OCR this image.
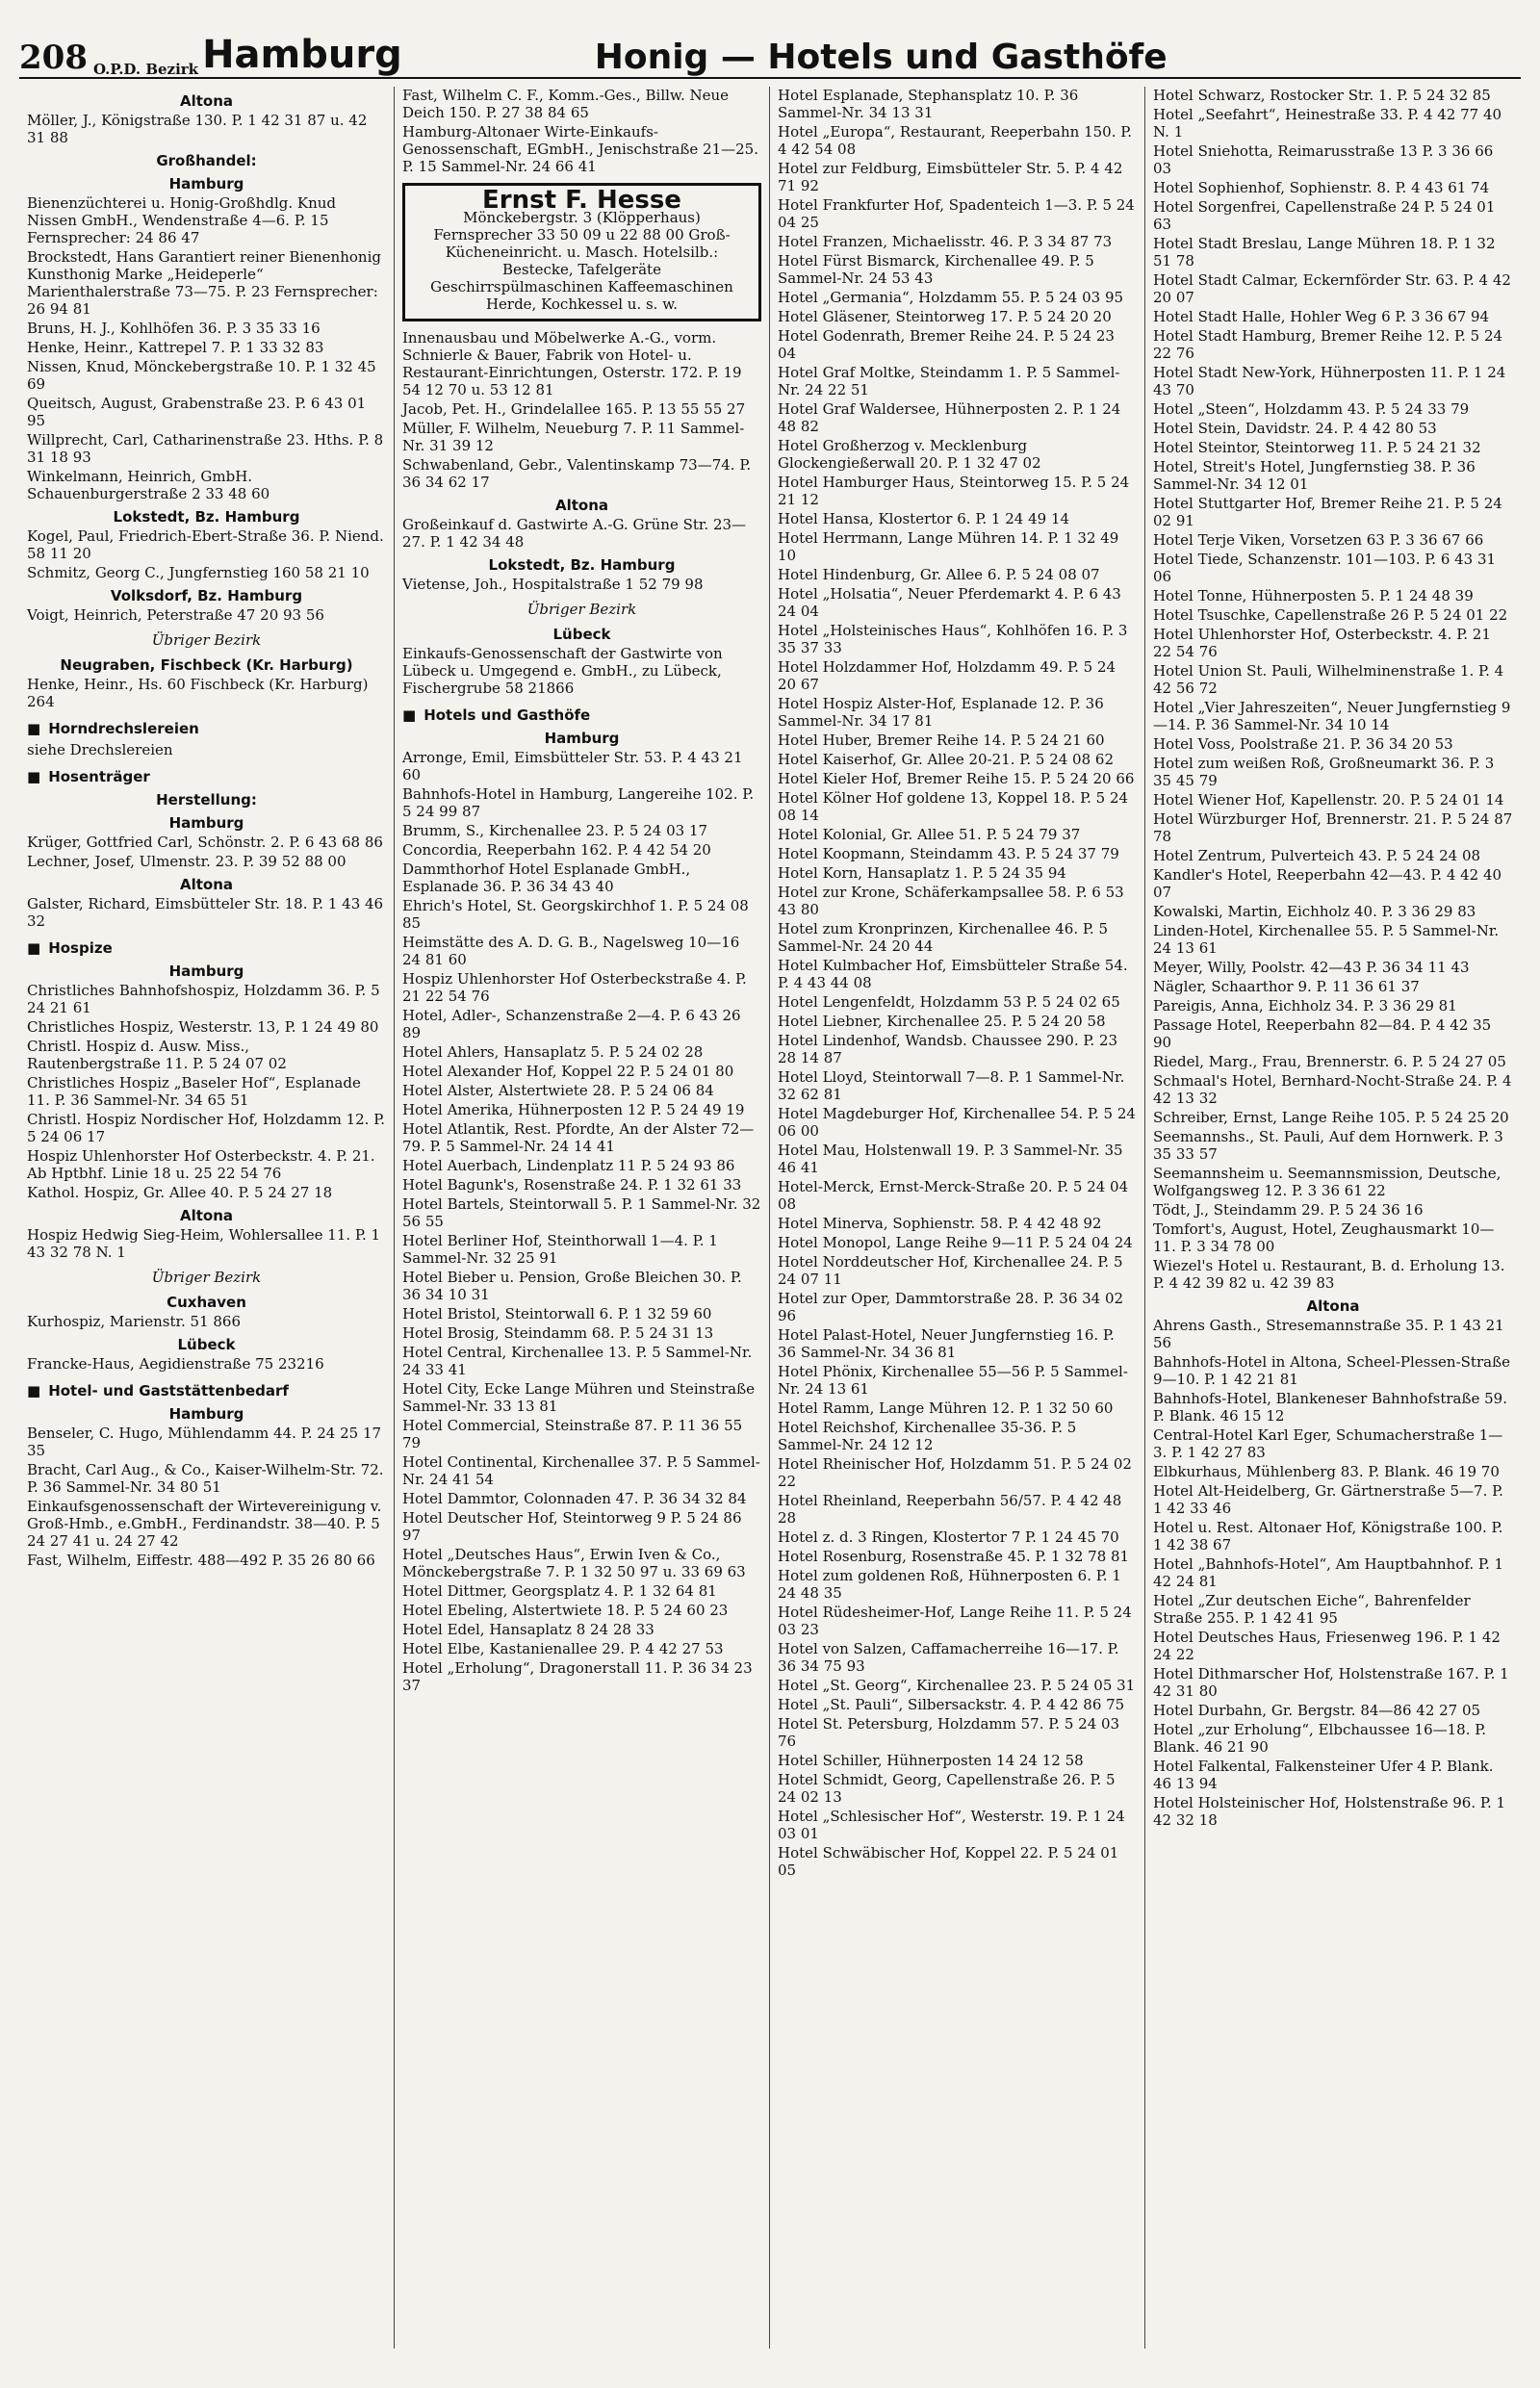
208 O.P.D. Bezirk Hamburg	Honig — Hotels und Gasthöfe
Altona
Möller, J., Königstraße 130. P. 1 42 31 87 u. 42 31 88
Großhandel:
Hamburg
Bienenzüchterei u. Honig-Großhdlg. Knud Nissen GmbH., Wendenstraße 4—6. P. 15 Fernsprecher: 24 86 47
Brockstedt, Hans Garantiert reiner Bienenhonig Kunsthonig Marke „Heideperle“ Marienthalerstraße 73—75. P. 23 Fernsprecher: 26 94 81
Bruns, H. J., Kohlhöfen 36. P. 3 35 33 16
Henke, Heinr., Kattrepel 7. P. 1 33 32 83
Nissen, Knud, Mönckebergstraße 10. P. 1 32 45 69
Queitsch, August, Grabenstraße 23. P. 6 43 01 95
Willprecht, Carl, Catharinenstraße 23. Hths. P. 8 31 18 93
Winkelmann, Heinrich, GmbH. Schauenburgerstraße 2 33 48 60
Lokstedt, Bz. Hamburg
Kogel, Paul, Friedrich-Ebert-Straße 36. P. Niend. 58 11 20
Schmitz, Georg C., Jungfernstieg 160 58 21 10
Volksdorf, Bz. Hamburg
Voigt, Heinrich, Peterstraße 47 20 93 56
Übriger Bezirk
Neugraben, Fischbeck (Kr. Harburg)
Henke, Heinr., Hs. 60 Fischbeck (Kr. Harburg) 264
■ Horndrechslereien
siehe Drechslereien
■ Hosenträger
Herstellung:
Hamburg
Krüger, Gottfried Carl, Schönstr. 2. P. 6 43 68 86
Lechner, Josef, Ulmenstr. 23. P. 39 52 88 00
Altona
Galster, Richard, Eimsbütteler Str. 18. P. 1 43 46 32
■ Hospize
Hamburg
Christliches Bahnhofshospiz, Holzdamm 36. P. 5 24 21 61
Christliches Hospiz, Westerstr. 13, P. 1 24 49 80
Christl. Hospiz d. Ausw. Miss., Rautenbergstraße 11. P. 5 24 07 02
Christliches Hospiz „Baseler Hof“, Esplanade 11. P. 36 Sammel-Nr. 34 65 51
Christl. Hospiz Nordischer Hof, Holzdamm 12. P. 5 24 06 17
Hospiz Uhlenhorster Hof Osterbeckstr. 4. P. 21. Ab Hptbhf. Linie 18 u. 25 22 54 76
Kathol. Hospiz, Gr. Allee 40. P. 5 24 27 18
Altona
Hospiz Hedwig Sieg-Heim, Wohlersallee 11. P. 1 43 32 78 N. 1
Übriger Bezirk
Cuxhaven
Kurhospiz, Marienstr. 51 866
Lübeck
Francke-Haus, Aegidienstraße 75 23216
■ Hotel- und Gaststättenbedarf
Hamburg
Benseler, C. Hugo, Mühlendamm 44. P. 24 25 17 35
Bracht, Carl Aug., & Co., Kaiser-Wilhelm-Str. 72. P. 36 Sammel-Nr. 34 80 51
Einkaufsgenossenschaft der Wirtevereinigung v. Groß-Hmb., e.GmbH., Ferdinandstr. 38—40. P. 5 24 27 41 u. 24 27 42
Fast, Wilhelm, Eiffestr. 488—492 P. 35 26 80 66
Fast, Wilhelm C. F., Komm.-Ges., Billw. Neue Deich 150. P. 27 38 84 65
Hamburg-Altonaer Wirte-Einkaufs-Genossenschaft, EGmbH., Jenischstraße 21—25. P. 15 Sammel-Nr. 24 66 41
Ernst F. Hesse
Mönckebergstr. 3 (Klöpperhaus) Fernsprecher 33 50 09 u 22 88 00 Groß-Kücheneinricht. u. Masch. Hotelsilb.: Bestecke, Tafelgeräte Geschirrspülmaschinen Kaffeemaschinen Herde, Kochkessel u. s. w.
Innenausbau und Möbelwerke A.-G., vorm. Schnierle & Bauer, Fabrik von Hotel- u. Restaurant-Einrichtungen, Osterstr. 172. P. 19 54 12 70 u. 53 12 81
Jacob, Pet. H., Grindelallee 165. P. 13 55 55 27
Müller, F. Wilhelm, Neueburg 7. P. 11 Sammel-Nr. 31 39 12
Schwabenland, Gebr., Valentinskamp 73—74. P. 36 34 62 17
Altona
Großeinkauf d. Gastwirte A.-G. Grüne Str. 23—27. P. 1 42 34 48
Lokstedt, Bz. Hamburg
Vietense, Joh., Hospitalstraße 1 52 79 98
Übriger Bezirk
Lübeck
Einkaufs-Genossenschaft der Gastwirte von Lübeck u. Umgegend e. GmbH., zu Lübeck, Fischergrube 58 21866
■ Hotels und Gasthöfe
Hamburg
Arronge, Emil, Eimsbütteler Str. 53. P. 4 43 21 60
Bahnhofs-Hotel in Hamburg, Langereihe 102. P. 5 24 99 87
Brumm, S., Kirchenallee 23. P. 5 24 03 17
Concordia, Reeperbahn 162. P. 4 42 54 20
Dammthorhof Hotel Esplanade GmbH., Esplanade 36. P. 36 34 43 40
Ehrich's Hotel, St. Georgskirchhof 1. P. 5 24 08 85
Heimstätte des A. D. G. B., Nagelsweg 10—16 24 81 60
Hospiz Uhlenhorster Hof Osterbeckstraße 4. P. 21 22 54 76
Hotel, Adler-, Schanzenstraße 2—4. P. 6 43 26 89
Hotel Ahlers, Hansaplatz 5. P. 5 24 02 28
Hotel Alexander Hof, Koppel 22 P. 5 24 01 80
Hotel Alster, Alstertwiete 28. P. 5 24 06 84
Hotel Amerika, Hühnerposten 12 P. 5 24 49 19
Hotel Atlantik, Rest. Pfordte, An der Alster 72—79. P. 5 Sammel-Nr. 24 14 41
Hotel Auerbach, Lindenplatz 11 P. 5 24 93 86
Hotel Bagunk's, Rosenstraße 24. P. 1 32 61 33
Hotel Bartels, Steintorwall 5. P. 1 Sammel-Nr. 32 56 55
Hotel Berliner Hof, Steinthorwall 1—4. P. 1 Sammel-Nr. 32 25 91
Hotel Bieber u. Pension, Große Bleichen 30. P. 36 34 10 31
Hotel Bristol, Steintorwall 6. P. 1 32 59 60
Hotel Brosig, Steindamm 68. P. 5 24 31 13
Hotel Central, Kirchenallee 13. P. 5 Sammel-Nr. 24 33 41
Hotel City, Ecke Lange Mühren und Steinstraße Sammel-Nr. 33 13 81
Hotel Commercial, Steinstraße 87. P. 11 36 55 79
Hotel Continental, Kirchenallee 37. P. 5 Sammel-Nr. 24 41 54
Hotel Dammtor, Colonnaden 47. P. 36 34 32 84
Hotel Deutscher Hof, Steintorweg 9 P. 5 24 86 97
Hotel „Deutsches Haus“, Erwin Iven & Co., Mönckebergstraße 7. P. 1 32 50 97 u. 33 69 63
Hotel Dittmer, Georgsplatz 4. P. 1 32 64 81
Hotel Ebeling, Alstertwiete 18. P. 5 24 60 23
Hotel Edel, Hansaplatz 8 24 28 33
Hotel Elbe, Kastanienallee 29. P. 4 42 27 53
Hotel „Erholung“, Dragonerstall 11. P. 36 34 23 37
Hotel Esplanade, Stephansplatz 10. P. 36 Sammel-Nr. 34 13 31
Hotel „Europa“, Restaurant, Reeperbahn 150. P. 4 42 54 08
Hotel zur Feldburg, Eimsbütteler Str. 5. P. 4 42 71 92
Hotel Frankfurter Hof, Spadenteich 1—3. P. 5 24 04 25
Hotel Franzen, Michaelisstr. 46. P. 3 34 87 73
Hotel Fürst Bismarck, Kirchenallee 49. P. 5 Sammel-Nr. 24 53 43
Hotel „Germania“, Holzdamm 55. P. 5 24 03 95
Hotel Gläsener, Steintorweg 17. P. 5 24 20 20
Hotel Godenrath, Bremer Reihe 24. P. 5 24 23 04
Hotel Graf Moltke, Steindamm 1. P. 5 Sammel-Nr. 24 22 51
Hotel Graf Waldersee, Hühnerposten 2. P. 1 24 48 82
Hotel Großherzog v. Mecklenburg Glockengießerwall 20. P. 1 32 47 02
Hotel Hamburger Haus, Steintorweg 15. P. 5 24 21 12
Hotel Hansa, Klostertor 6. P. 1 24 49 14
Hotel Herrmann, Lange Mühren 14. P. 1 32 49 10
Hotel Hindenburg, Gr. Allee 6. P. 5 24 08 07
Hotel „Holsatia“, Neuer Pferdemarkt 4. P. 6 43 24 04
Hotel „Holsteinisches Haus“, Kohlhöfen 16. P. 3 35 37 33
Hotel Holzdammer Hof, Holzdamm 49. P. 5 24 20 67
Hotel Hospiz Alster-Hof, Esplanade 12. P. 36 Sammel-Nr. 34 17 81
Hotel Huber, Bremer Reihe 14. P. 5 24 21 60
Hotel Kaiserhof, Gr. Allee 20-21. P. 5 24 08 62
Hotel Kieler Hof, Bremer Reihe 15. P. 5 24 20 66
Hotel Kölner Hof goldene 13, Koppel 18. P. 5 24 08 14
Hotel Kolonial, Gr. Allee 51. P. 5 24 79 37
Hotel Koopmann, Steindamm 43. P. 5 24 37 79
Hotel Korn, Hansaplatz 1. P. 5 24 35 94
Hotel zur Krone, Schäferkampsallee 58. P. 6 53 43 80
Hotel zum Kronprinzen, Kirchenallee 46. P. 5 Sammel-Nr. 24 20 44
Hotel Kulmbacher Hof, Eimsbütteler Straße 54. P. 4 43 44 08
Hotel Lengenfeldt, Holzdamm 53 P. 5 24 02 65
Hotel Liebner, Kirchenallee 25. P. 5 24 20 58
Hotel Lindenhof, Wandsb. Chaussee 290. P. 23 28 14 87
Hotel Lloyd, Steintorwall 7—8. P. 1 Sammel-Nr. 32 62 81
Hotel Magdeburger Hof, Kirchenallee 54. P. 5 24 06 00
Hotel Mau, Holstenwall 19. P. 3 Sammel-Nr. 35 46 41
Hotel-Merck, Ernst-Merck-Straße 20. P. 5 24 04 08
Hotel Minerva, Sophienstr. 58. P. 4 42 48 92
Hotel Monopol, Lange Reihe 9—11 P. 5 24 04 24
Hotel Norddeutscher Hof, Kirchenallee 24. P. 5 24 07 11
Hotel zur Oper, Dammtorstraße 28. P. 36 34 02 96
Hotel Palast-Hotel, Neuer Jungfernstieg 16. P. 36 Sammel-Nr. 34 36 81
Hotel Phönix, Kirchenallee 55—56 P. 5 Sammel-Nr. 24 13 61
Hotel Ramm, Lange Mühren 12. P. 1 32 50 60
Hotel Reichshof, Kirchenallee 35-36. P. 5 Sammel-Nr. 24 12 12
Hotel Rheinischer Hof, Holzdamm 51. P. 5 24 02 22
Hotel Rheinland, Reeperbahn 56/57. P. 4 42 48 28
Hotel z. d. 3 Ringen, Klostertor 7 P. 1 24 45 70
Hotel Rosenburg, Rosenstraße 45. P. 1 32 78 81
Hotel zum goldenen Roß, Hühnerposten 6. P. 1 24 48 35
Hotel Rüdesheimer-Hof, Lange Reihe 11. P. 5 24 03 23
Hotel von Salzen, Caffamacherreihe 16—17. P. 36 34 75 93
Hotel „St. Georg“, Kirchenallee 23. P. 5 24 05 31
Hotel „St. Pauli“, Silbersackstr. 4. P. 4 42 86 75
Hotel St. Petersburg, Holzdamm 57. P. 5 24 03 76
Hotel Schiller, Hühnerposten 14 24 12 58
Hotel Schmidt, Georg, Capellenstraße 26. P. 5 24 02 13
Hotel „Schlesischer Hof“, Westerstr. 19. P. 1 24 03 01
Hotel Schwäbischer Hof, Koppel 22. P. 5 24 01 05
Hotel Schwarz, Rostocker Str. 1. P. 5 24 32 85
Hotel „Seefahrt“, Heinestraße 33. P. 4 42 77 40 N. 1
Hotel Sniehotta, Reimarusstraße 13 P. 3 36 66 03
Hotel Sophienhof, Sophienstr. 8. P. 4 43 61 74
Hotel Sorgenfrei, Capellenstraße 24 P. 5 24 01 63
Hotel Stadt Breslau, Lange Mühren 18. P. 1 32 51 78
Hotel Stadt Calmar, Eckernförder Str. 63. P. 4 42 20 07
Hotel Stadt Halle, Hohler Weg 6 P. 3 36 67 94
Hotel Stadt Hamburg, Bremer Reihe 12. P. 5 24 22 76
Hotel Stadt New-York, Hühnerposten 11. P. 1 24 43 70
Hotel „Steen“, Holzdamm 43. P. 5 24 33 79
Hotel Stein, Davidstr. 24. P. 4 42 80 53
Hotel Steintor, Steintorweg 11. P. 5 24 21 32
Hotel, Streit's Hotel, Jungfernstieg 38. P. 36 Sammel-Nr. 34 12 01
Hotel Stuttgarter Hof, Bremer Reihe 21. P. 5 24 02 91
Hotel Terje Viken, Vorsetzen 63 P. 3 36 67 66
Hotel Tiede, Schanzenstr. 101—103. P. 6 43 31 06
Hotel Tonne, Hühnerposten 5. P. 1 24 48 39
Hotel Tsuschke, Capellenstraße 26 P. 5 24 01 22
Hotel Uhlenhorster Hof, Osterbeckstr. 4. P. 21 22 54 76
Hotel Union St. Pauli, Wilhelminenstraße 1. P. 4 42 56 72
Hotel „Vier Jahreszeiten“, Neuer Jungfernstieg 9—14. P. 36 Sammel-Nr. 34 10 14
Hotel Voss, Poolstraße 21. P. 36 34 20 53
Hotel zum weißen Roß, Großneumarkt 36. P. 3 35 45 79
Hotel Wiener Hof, Kapellenstr. 20. P. 5 24 01 14
Hotel Würzburger Hof, Brennerstr. 21. P. 5 24 87 78
Hotel Zentrum, Pulverteich 43. P. 5 24 24 08
Kandler's Hotel, Reeperbahn 42—43. P. 4 42 40 07
Kowalski, Martin, Eichholz 40. P. 3 36 29 83
Linden-Hotel, Kirchenallee 55. P. 5 Sammel-Nr. 24 13 61
Meyer, Willy, Poolstr. 42—43 P. 36 34 11 43
Nägler, Schaarthor 9. P. 11 36 61 37
Pareigis, Anna, Eichholz 34. P. 3 36 29 81
Passage Hotel, Reeperbahn 82—84. P. 4 42 35 90
Riedel, Marg., Frau, Brennerstr. 6. P. 5 24 27 05
Schmaal's Hotel, Bernhard-Nocht-Straße 24. P. 4 42 13 32
Schreiber, Ernst, Lange Reihe 105. P. 5 24 25 20
Seemannshs., St. Pauli, Auf dem Hornwerk. P. 3 35 33 57
Seemannsheim u. Seemannsmission, Deutsche, Wolfgangsweg 12. P. 3 36 61 22
Tödt, J., Steindamm 29. P. 5 24 36 16
Tomfort's, August, Hotel, Zeughausmarkt 10—11. P. 3 34 78 00
Wiezel's Hotel u. Restaurant, B. d. Erholung 13. P. 4 42 39 82 u. 42 39 83
Altona
Ahrens Gasth., Stresemannstraße 35. P. 1 43 21 56
Bahnhofs-Hotel in Altona, Scheel-Plessen-Straße 9—10. P. 1 42 21 81
Bahnhofs-Hotel, Blankeneser Bahnhofstraße 59. P. Blank. 46 15 12
Central-Hotel Karl Eger, Schumacherstraße 1—3. P. 1 42 27 83
Elbkurhaus, Mühlenberg 83. P. Blank. 46 19 70
Hotel Alt-Heidelberg, Gr. Gärtnerstraße 5—7. P. 1 42 33 46
Hotel u. Rest. Altonaer Hof, Königstraße 100. P. 1 42 38 67
Hotel „Bahnhofs-Hotel“, Am Hauptbahnhof. P. 1 42 24 81
Hotel „Zur deutschen Eiche“, Bahrenfelder Straße 255. P. 1 42 41 95
Hotel Deutsches Haus, Friesenweg 196. P. 1 42 24 22
Hotel Dithmarscher Hof, Holstenstraße 167. P. 1 42 31 80
Hotel Durbahn, Gr. Bergstr. 84—86 42 27 05
Hotel „zur Erholung“, Elbchaussee 16—18. P. Blank. 46 21 90
Hotel Falkental, Falkensteiner Ufer 4 P. Blank. 46 13 94
Hotel Holsteinischer Hof, Holstenstraße 96. P. 1 42 32 18
